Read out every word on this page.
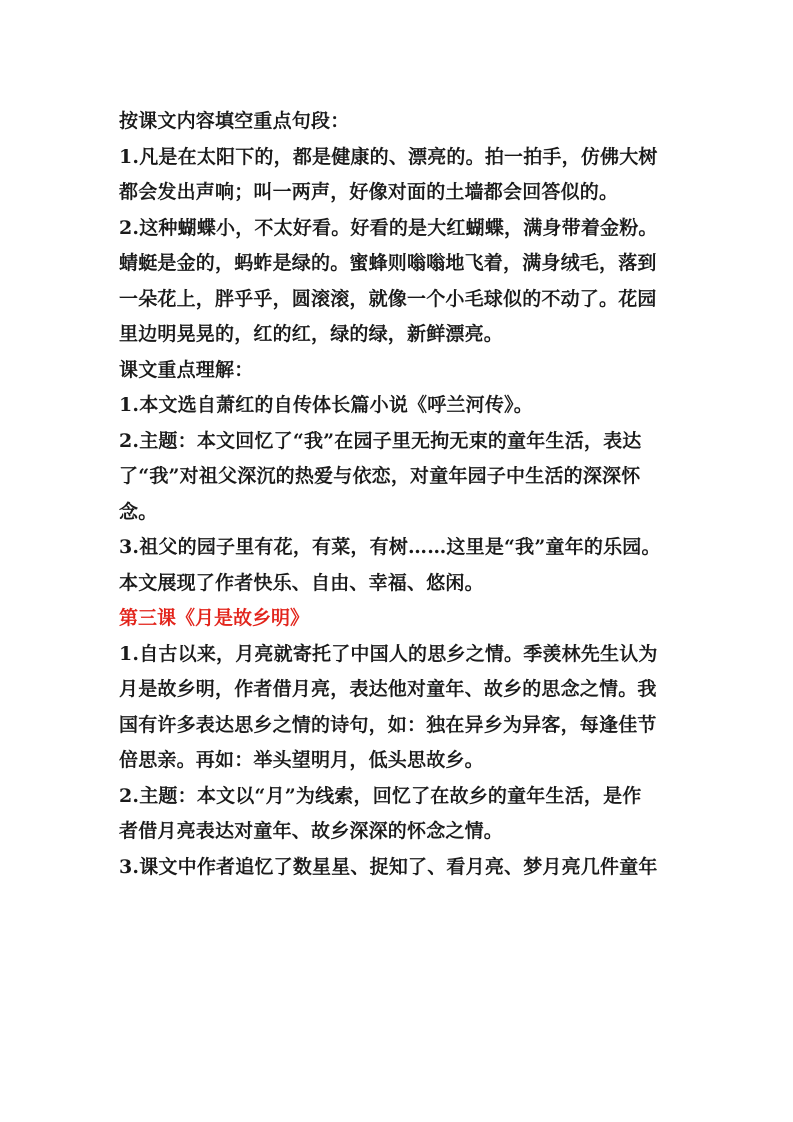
按课文内容填空重点句段：
1.凡是在太阳下的，都是健康的、漂亮的。拍一拍手，仿佛大树
都会发出声响；叫一两声，好像对面的土墙都会回答似的。
2.这种蝴蝶小，不太好看。好看的是大红蝴蝶，满身带着金粉。
蜻蜓是金的，蚂蚱是绿的。蜜蜂则嗡嗡地飞着，满身绒毛，落到
一朵花上，胖乎乎，圆滚滚，就像一个小毛球似的不动了。花园
里边明晃晃的，红的红，绿的绿，新鲜漂亮。
课文重点理解：
1.本文选自萧红的自传体长篇小说《呼兰河传》。
2.主题：本文回忆了“我”在园子里无拘无束的童年生活，表达
了“我”对祖父深沉的热爱与依恋，对童年园子中生活的深深怀
念。
3.祖父的园子里有花，有菜，有树……这里是“我”童年的乐园。
本文展现了作者快乐、自由、幸福、悠闲。
第三课《月是故乡明》
1.自古以来，月亮就寄托了中国人的思乡之情。季羡林先生认为
月是故乡明，作者借月亮，表达他对童年、故乡的思念之情。我
国有许多表达思乡之情的诗句，如：独在异乡为异客，每逢佳节
倍思亲。再如：举头望明月，低头思故乡。
2.主题：本文以“月”为线索，回忆了在故乡的童年生活，是作
者借月亮表达对童年、故乡深深的怀念之情。
3.课文中作者追忆了数星星、捉知了、看月亮、梦月亮几件童年
